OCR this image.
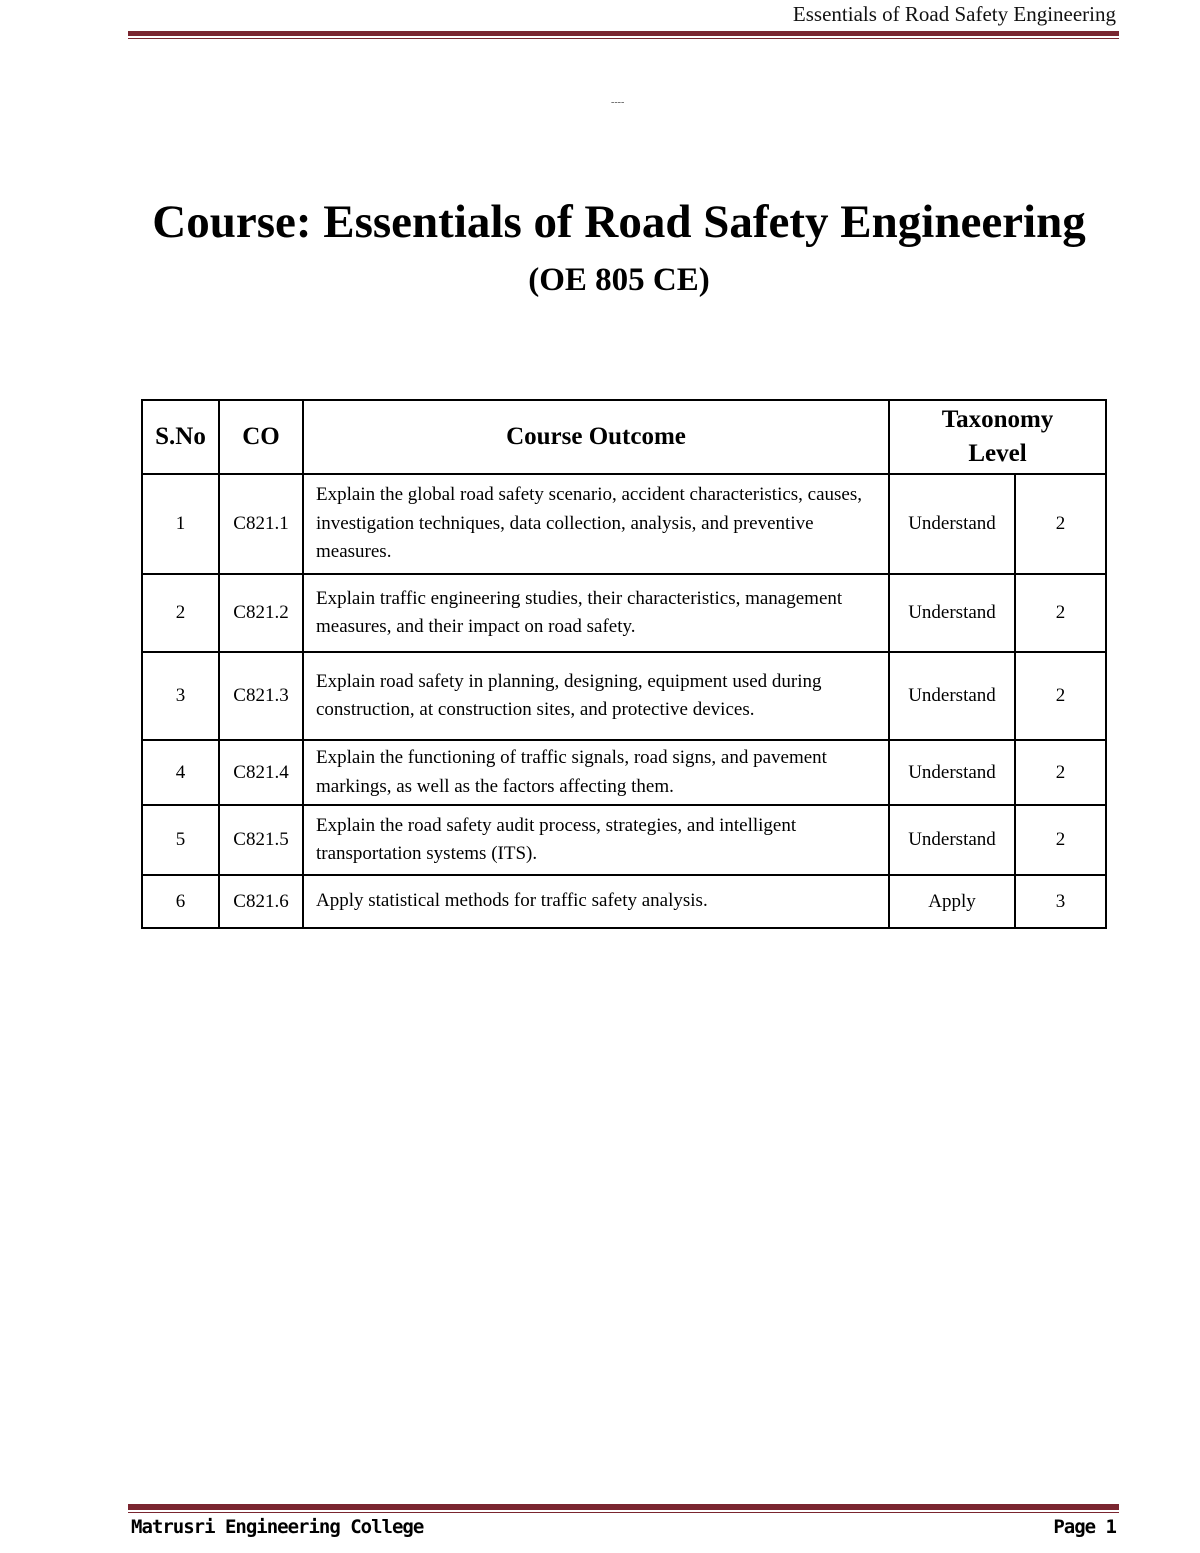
Essentials of Road Safety Engineering
----
Course: Essentials of Road Safety Engineering
(OE 805 CE)
S.No	CO	Course Outcome	Taxonomy Level	
1	C821.1	Explain the global road safety scenario, accident characteristics, causes, investigation techniques, data collection, analysis, and preventive measures.	Understand	2
2	C821.2	Explain traffic engineering studies, their characteristics, management measures, and their impact on road safety.	Understand	2
3	C821.3	Explain road safety in planning, designing, equipment used during construction, at construction sites, and protective devices.	Understand	2
4	C821.4	Explain the functioning of traffic signals, road signs, and pavement markings, as well as the factors affecting them.	Understand	2
5	C821.5	Explain the road safety audit process, strategies, and intelligent transportation systems (ITS).	Understand	2
6	C821.6	Apply statistical methods for traffic safety analysis.	Apply	3
Matrusri Engineering College	Page 1
